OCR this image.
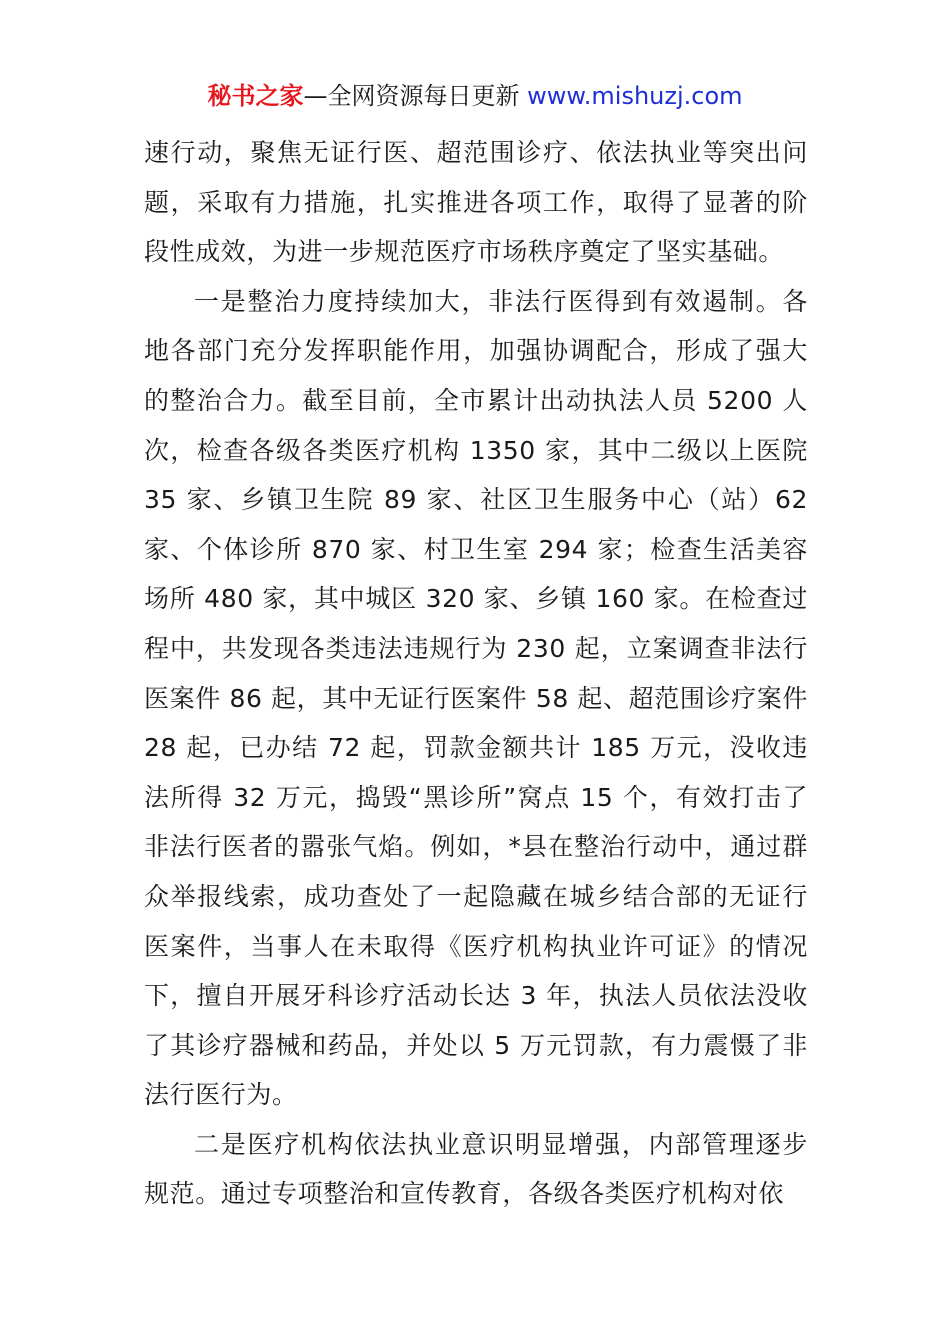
秘书之家—全网资源每日更新 www.mishuzj.com

速行动，聚焦无证行医、超范围诊疗、依法执业等突出问题，采取有力措施，扎实推进各项工作，取得了显著的阶段性成效，为进一步规范医疗市场秩序奠定了坚实基础。

一是整治力度持续加大，非法行医得到有效遏制。各地各部门充分发挥职能作用，加强协调配合，形成了强大的整治合力。截至目前，全市累计出动执法人员 5200 人次，检查各级各类医疗机构 1350 家，其中二级以上医院 35 家、乡镇卫生院 89 家、社区卫生服务中心（站）62 家、个体诊所 870 家、村卫生室 294 家；检查生活美容场所 480 家，其中城区 320 家、乡镇 160 家。在检查过程中，共发现各类违法违规行为 230 起，立案调查非法行医案件 86 起，其中无证行医案件 58 起、超范围诊疗案件 28 起，已办结 72 起，罚款金额共计 185 万元，没收违法所得 32 万元，捣毁“黑诊所”窝点 15 个，有效打击了非法行医者的嚣张气焰。例如，*县在整治行动中，通过群众举报线索，成功查处了一起隐藏在城乡结合部的无证行医案件，当事人在未取得《医疗机构执业许可证》的情况下，擅自开展牙科诊疗活动长达 3 年，执法人员依法没收了其诊疗器械和药品，并处以 5 万元罚款，有力震慑了非法行医行为。

二是医疗机构依法执业意识明显增强，内部管理逐步规范。通过专项整治和宣传教育，各级各类医疗机构对依
